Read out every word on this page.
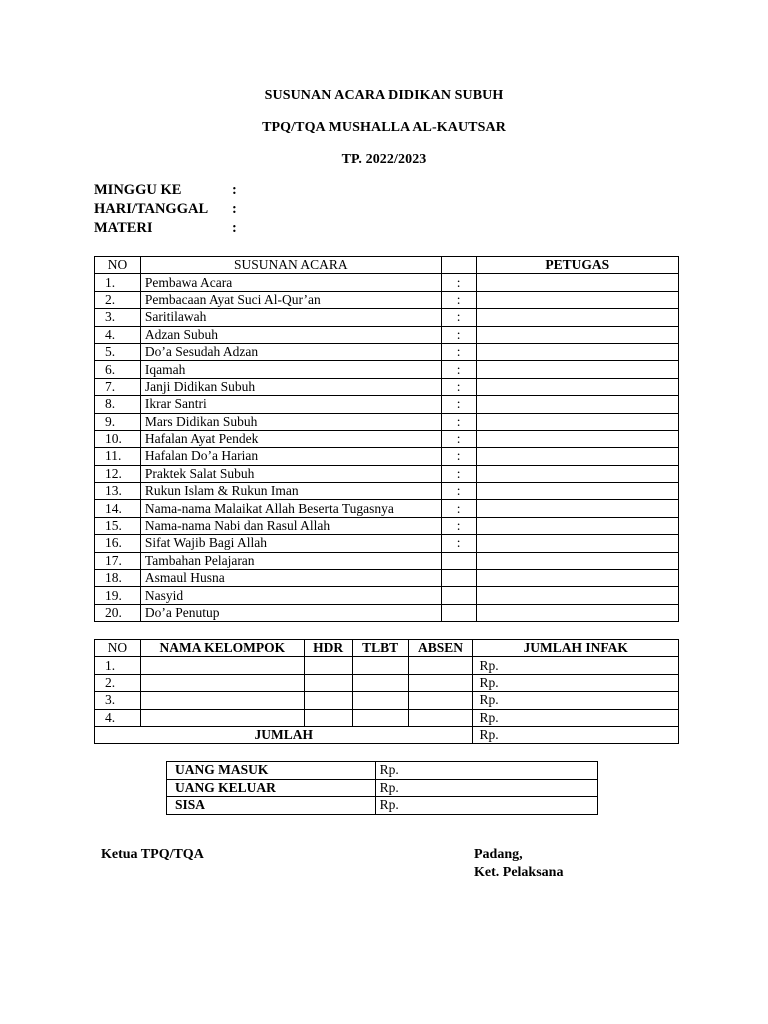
SUSUNAN ACARA DIDIKAN SUBUH
TPQ/TQA MUSHALLA AL-KAUTSAR
TP. 2022/2023
MINGGU KE	:
HARI/TANGGAL :
MATERI	:
NO	SUSUNAN ACARA		PETUGAS
1.	Pembawa Acara	:	
2.	Pembacaan Ayat Suci Al-Qur’an	:	
3.	Saritilawah	:	
4.	Adzan Subuh	:	
5.	Do’a Sesudah Adzan	:	
6.	Iqamah	:	
7.	Janji Didikan Subuh	:	
8.	Ikrar Santri	:	
9.	Mars Didikan Subuh	:	
10.	Hafalan Ayat Pendek	:	
11.	Hafalan Do’a Harian	:	
12.	Praktek Salat Subuh	:	
13.	Rukun Islam & Rukun Iman	:	
14.	Nama-nama Malaikat Allah Beserta Tugasnya	:	
15.	Nama-nama Nabi dan Rasul Allah	:	
16.	Sifat Wajib Bagi Allah	:	
17.	Tambahan Pelajaran		
18.	Asmaul Husna		
19.	Nasyid		
20.	Do’a Penutup		
NO	NAMA KELOMPOK	HDR	TLBT	ABSEN	JUMLAH INFAK
1.					Rp.
2.					Rp.
3.					Rp.
4.					Rp.
JUMLAH					Rp.
UANG MASUK	Rp.
UANG KELUAR	Rp.
SISA	Rp.
Ketua TPQ/TQA	Padang,
Ket. Pelaksana
